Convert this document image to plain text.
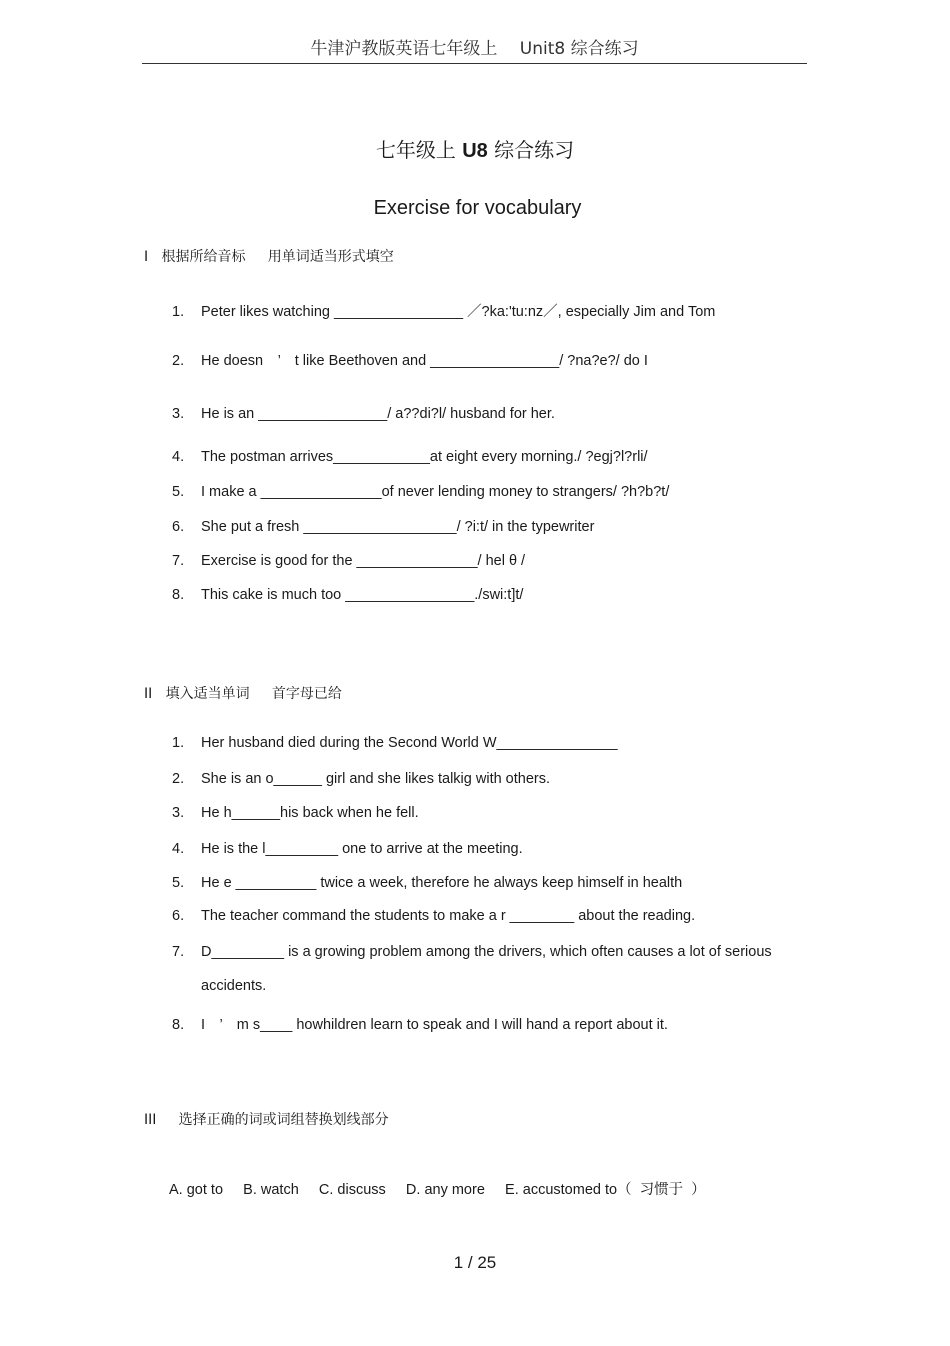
牛津沪教版英语七年级上　 Unit8 综合练习
七年级上 U8 综合练习
Exercise for vocabulary
I   根据所给音标     用单词适当形式填空
1. Peter likes watching ________________ ／?ka:'tu:nz／, especially Jim and Tom
2. He doesn　’　t like Beethoven and ________________/ ?na?e?/ do I
3. He is an ________________/ a??di?l/ husband for her.
4. The postman arrives____________at eight every morning./ ?egj?l?rli/
5. I make a _______________of never lending money to strangers/ ?h?b?t/
6. She put a fresh ___________________/ ?i:t/ in the typewriter
7. Exercise is good for the _______________/ hel θ /
8. This cake is much too ________________./swi:t]t/
II   填入适当单词     首字母已给
1. Her husband died during the Second World W_______________
2. She is an o______ girl and she likes talkig with others.
3. He h______his back when he fell.
4. He is the l_________ one to arrive at the meeting.
5. He e __________ twice a week, therefore he always keep himself in health
6. The teacher command the students to make a r ________ about the reading.
7. D_________ is a growing problem among the drivers, which often causes a lot of serious
accidents.
8. I　’　m s____ howhildren learn to speak and I will hand a report about it.
III     选择正确的词或词组替换划线部分
A. got to     B. watch     C. discuss     D. any more     E. accustomed to（  习惯于  ）
1 / 25
